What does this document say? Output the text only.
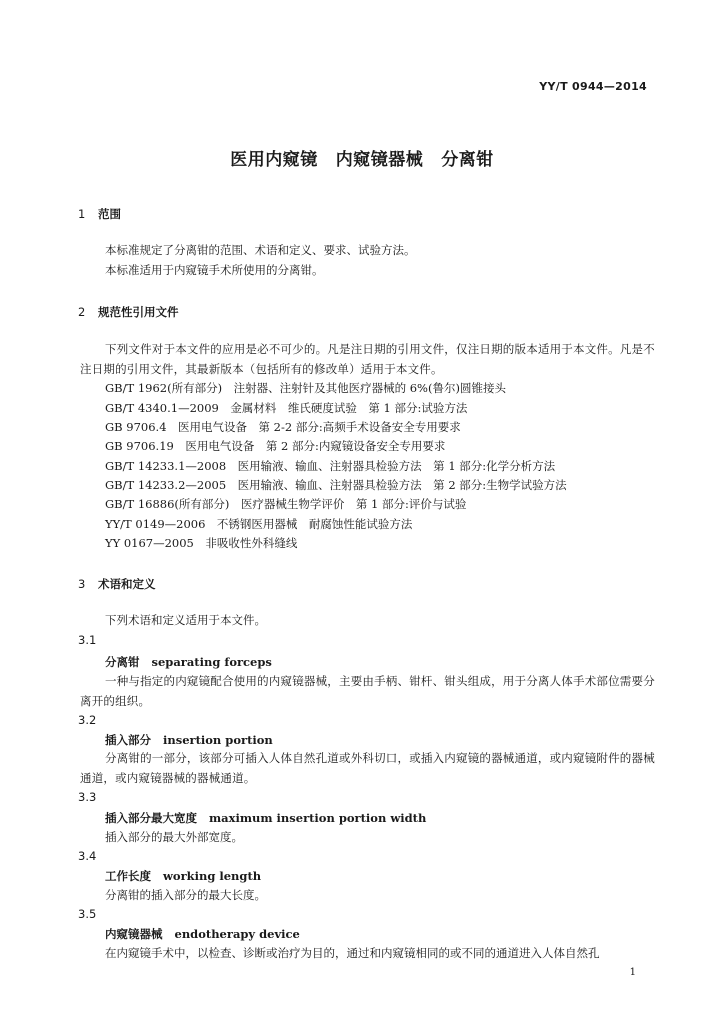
YY/T 0944—2014
医用内窥镜 内窥镜器械 分离钳
1 范围
本标准规定了分离钳的范围、术语和定义、要求、试验方法。
本标准适用于内窥镜手术所使用的分离钳。
2 规范性引用文件
下列文件对于本文件的应用是必不可少的。凡是注日期的引用文件，仅注日期的版本适用于本文件。凡是不注日期的引用文件，其最新版本（包括所有的修改单）适用于本文件。
GB/T 1962(所有部分)　注射器、注射针及其他医疗器械的 6%(鲁尔)圆锥接头
GB/T 4340.1—2009　金属材料　维氏硬度试验　第 1 部分:试验方法
GB 9706.4　医用电气设备　第 2-2 部分:高频手术设备安全专用要求
GB 9706.19　医用电气设备　第 2 部分:内窥镜设备安全专用要求
GB/T 14233.1—2008　医用输液、输血、注射器具检验方法　第 1 部分:化学分析方法
GB/T 14233.2—2005　医用输液、输血、注射器具检验方法　第 2 部分:生物学试验方法
GB/T 16886(所有部分)　医疗器械生物学评价　第 1 部分:评价与试验
YY/T 0149—2006　不锈钢医用器械　耐腐蚀性能试验方法
YY 0167—2005　非吸收性外科缝线
3 术语和定义
下列术语和定义适用于本文件。
3.1
分离钳 separating forceps
一种与指定的内窥镜配合使用的内窥镜器械，主要由手柄、钳杆、钳头组成，用于分离人体手术部位需要分离开的组织。
3.2
插入部分 insertion portion
分离钳的一部分，该部分可插入人体自然孔道或外科切口，或插入内窥镜的器械通道，或内窥镜附件的器械通道，或内窥镜器械的器械通道。
3.3
插入部分最大宽度 maximum insertion portion width
插入部分的最大外部宽度。
3.4
工作长度 working length
分离钳的插入部分的最大长度。
3.5
内窥镜器械 endotherapy device
在内窥镜手术中，以检查、诊断或治疗为目的，通过和内窥镜相同的或不同的通道进入人体自然孔
1
